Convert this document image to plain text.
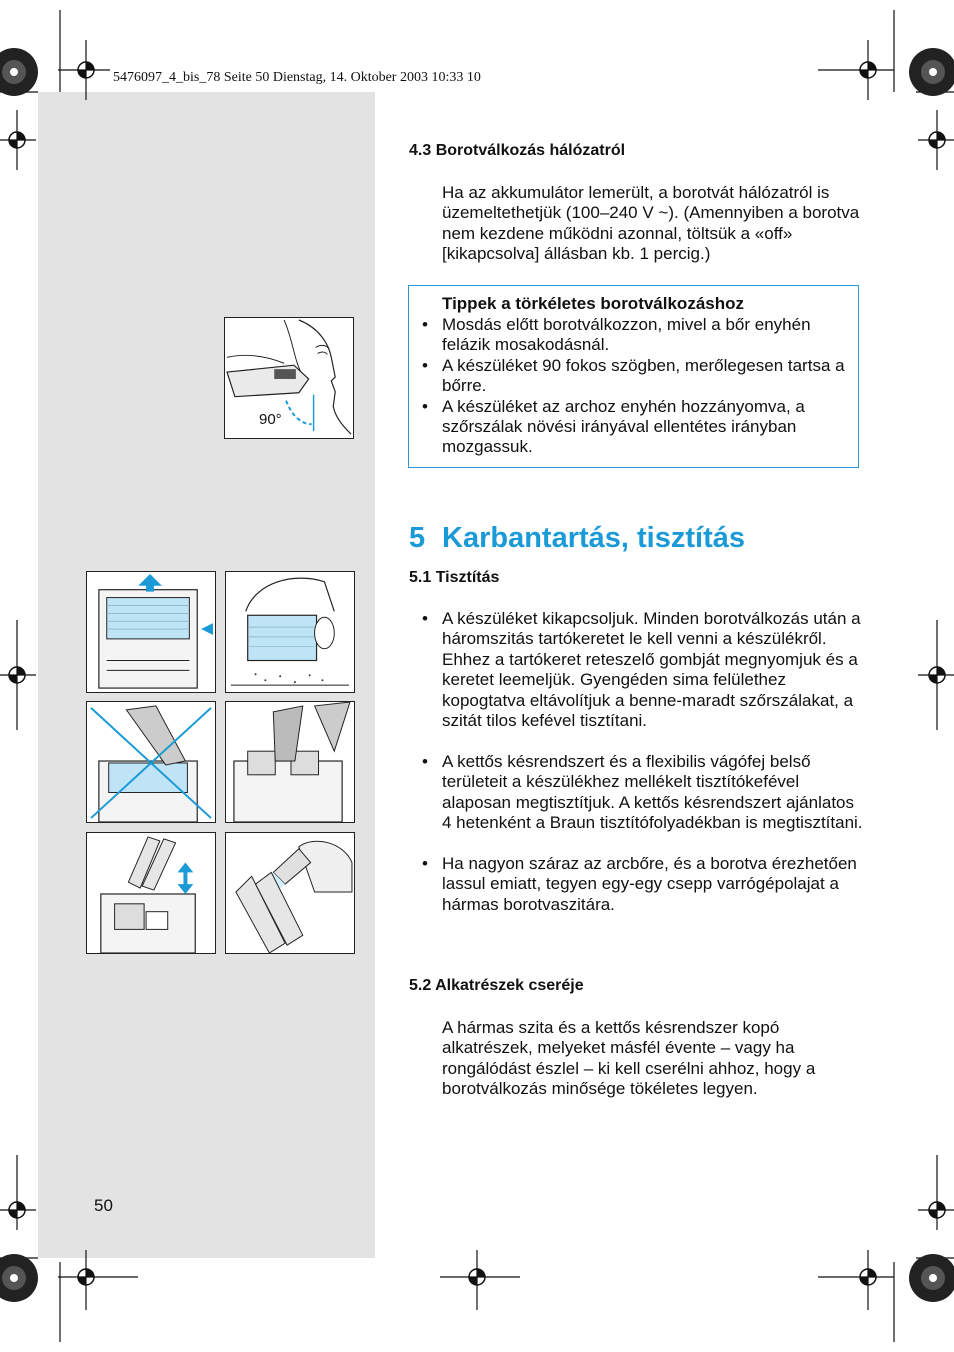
5476097_4_bis_78 Seite 50 Dienstag, 14. Oktober 2003 10:33 10
4.3 Borotválkozás hálózatról

Ha az akkumulátor lemerült, a borotvát hálózatról is üzemeltethetjük (100–240 V ~). (Amennyiben a borotva nem kezdene működni azonnal, töltsük a «off» [kikapcsolva] állásban kb. 1 percig.)

Tippek a törkéletes borotválkozáshoz
• Mosdás előtt borotválkozzon, mivel a bőr enyhén felázik mosakodásnál.
• A készüléket 90 fokos szögben, merőlegesen tartsa a bőrre.
• A készüléket az archoz enyhén hozzányomva, a szőrszálak növési irányával ellentétes irányban mozgassuk.
90°
5 Karbantartás, tisztítás
5.1 Tisztítás
• A készüléket kikapcsoljuk. Minden borotválkozás után a háromszitás tartókeretet le kell venni a készülékről. Ehhez a tartókeret reteszelő gombját megnyomjuk és a keretet leemeljük. Gyengéden sima felülethez kopogtatva eltávolítjuk a benne-maradt szőrszálakat, a szitát tilos kefével tisztítani.
• A kettős késrendszert és a flexibilis vágófej belső területeit a készülékhez mellékelt tisztítókefével alaposan megtisztítjuk. A kettős késrendszert ajánlatos 4 hetenként a Braun tisztítófolyadékban is megtisztítani.
• Ha nagyon száraz az arcbőre, és a borotva érezhetően lassul emiatt, tegyen egy-egy csepp varrógépolajat a hármas borotvaszitára.
5.2 Alkatrészek cseréje

A hármas szita és a kettős késrendszer kopó alkatrészek, melyeket másfél évente – vagy ha rongálódást észlel – ki kell cserélni ahhoz, hogy a borotválkozás minősége tökéletes legyen.

50
